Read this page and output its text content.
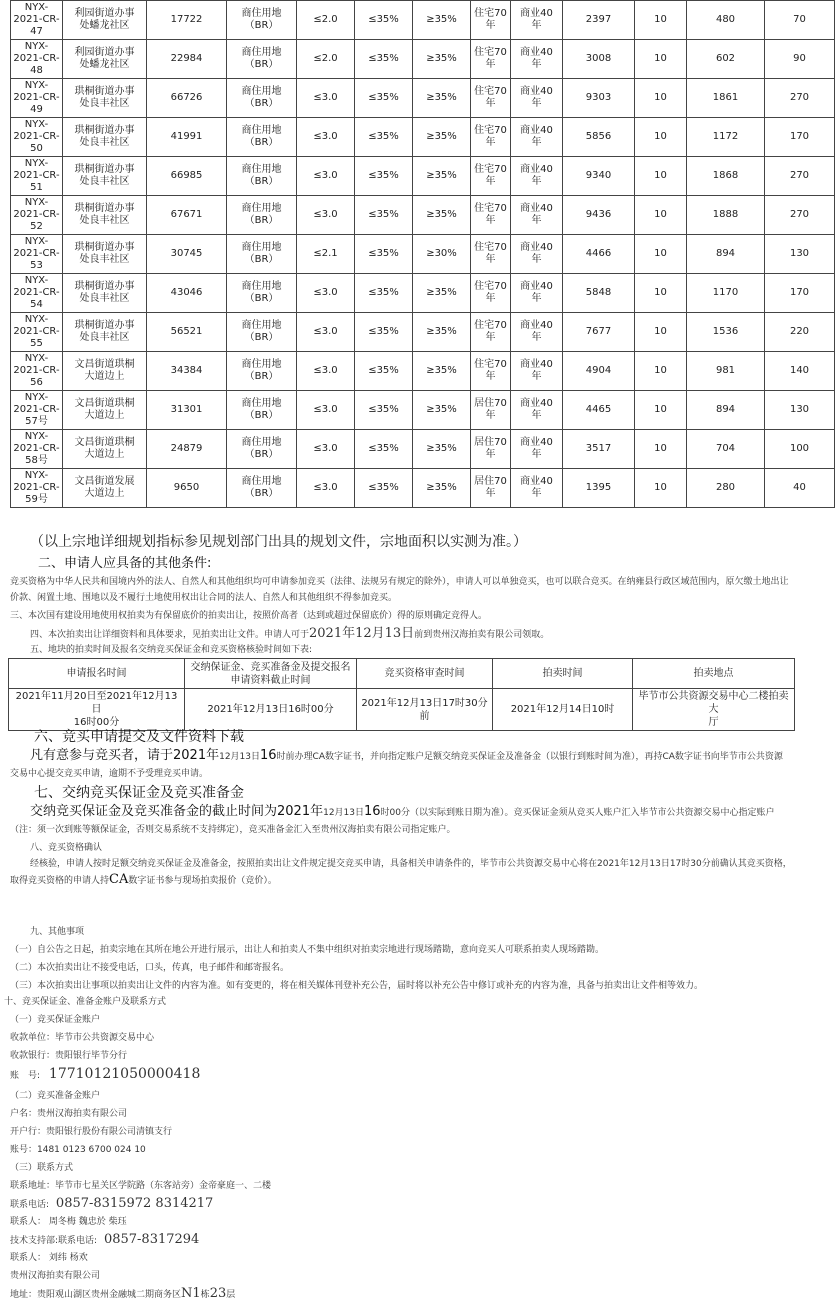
NYX-
2021-CR-
47	利园街道办事
处蟠龙社区	17722	商住用地
（BR）	≤2.0	≤35%	≥35%	住宅70
年	商业40
年	2397	10	480	70
NYX-
2021-CR-
48	利园街道办事
处蟠龙社区	22984	商住用地
（BR）	≤2.0	≤35%	≥35%	住宅70
年	商业40
年	3008	10	602	90
NYX-
2021-CR-
49	珙桐街道办事
处良丰社区	66726	商住用地
（BR）	≤3.0	≤35%	≥35%	住宅70
年	商业40
年	9303	10	1861	270
NYX-
2021-CR-
50	珙桐街道办事
处良丰社区	41991	商住用地
（BR）	≤3.0	≤35%	≥35%	住宅70
年	商业40
年	5856	10	1172	170
NYX-
2021-CR-
51	珙桐街道办事
处良丰社区	66985	商住用地
（BR）	≤3.0	≤35%	≥35%	住宅70
年	商业40
年	9340	10	1868	270
NYX-
2021-CR-
52	珙桐街道办事
处良丰社区	67671	商住用地
（BR）	≤3.0	≤35%	≥35%	住宅70
年	商业40
年	9436	10	1888	270
NYX-
2021-CR-
53	珙桐街道办事
处良丰社区	30745	商住用地
（BR）	≤2.1	≤35%	≥30%	住宅70
年	商业40
年	4466	10	894	130
NYX-
2021-CR-
54	珙桐街道办事
处良丰社区	43046	商住用地
（BR）	≤3.0	≤35%	≥35%	住宅70
年	商业40
年	5848	10	1170	170
NYX-
2021-CR-
55	珙桐街道办事
处良丰社区	56521	商住用地
（BR）	≤3.0	≤35%	≥35%	住宅70
年	商业40
年	7677	10	1536	220
NYX-
2021-CR-
56	文昌街道珙桐
大道边上	34384	商住用地
（BR）	≤3.0	≤35%	≥35%	住宅70
年	商业40
年	4904	10	981	140
NYX-
2021-CR-
57号	文昌街道珙桐
大道边上	31301	商住用地
（BR）	≤3.0	≤35%	≥35%	居住70
年	商业40
年	4465	10	894	130
NYX-
2021-CR-
58号	文昌街道珙桐
大道边上	24879	商住用地
（BR）	≤3.0	≤35%	≥35%	居住70
年	商业40
年	3517	10	704	100
NYX-
2021-CR-
59号	文昌街道发展
大道边上	9650	商住用地
（BR）	≤3.0	≤35%	≥35%	居住70
年	商业40
年	1395	10	280	40
（以上宗地详细规划指标参见规划部门出具的规划文件，宗地面积以实测为准。）
二、申请人应具备的其他条件:
竞买资格为中华人民共和国境内外的法人、自然人和其他组织均可申请参加竞买（法律、法规另有规定的除外），申请人可以单独竞买，也可以联合竞买。在纳雍县行政区域范围内，原欠缴土地出让
价款、闲置土地、围地以及不履行土地使用权出让合同的法人、自然人和其他组织不得参加竞买。
三、本次国有建设用地使用权拍卖为有保留底价的拍卖出让，按照价高者（达到或超过保留底价）得的原则确定竞得人。
四、本次拍卖出让详细资料和具体要求，见拍卖出让文件。申请人可于2021年12月13日前到贵州汉海拍卖有限公司领取。
五、地块的拍卖时间及报名交纳竞买保证金和竞买资格核验时间如下表:
申请报名时间	交纳保证金、竞买准备金及提交报名
申请资料截止时间	竞买资格审查时间	拍卖时间	拍卖地点
2021年11月20日至2021年12月13日
16时00分	2021年12月13日16时00分	2021年12月13日17时30分
前	2021年12月14日10时	毕节市公共资源交易中心二楼拍卖大
厅
六、竞买申请提交及文件资料下载
凡有意参与竞买者，请于2021年12月13日16时前办理CA数字证书，并向指定账户足额交纳竞买保证金及准备金（以银行到账时间为准），再持CA数字证书向毕节市公共资源
交易中心提交竞买申请，逾期不予受理竞买申请。
七、交纳竞买保证金及竞买准备金
交纳竞买保证金及竞买准备金的截止时间为2021年12月13日16时00分（以实际到账日期为准）。竞买保证金须从竞买人账户汇入毕节市公共资源交易中心指定账户
（注：须一次到账等额保证金，否则交易系统不支持绑定），竞买准备金汇入至贵州汉海拍卖有限公司指定账户。
八、竞买资格确认
经核验，申请人按时足额交纳竞买保证金及准备金，按照拍卖出让文件规定提交竞买申请，具备相关申请条件的，毕节市公共资源交易中心将在2021年12月13日17时30分前确认其竞买资格，
取得竞买资格的申请人持CA数字证书参与现场拍卖报价（竞价）。
九、其他事项
（一）自公告之日起，拍卖宗地在其所在地公开进行展示，出让人和拍卖人不集中组织对拍卖宗地进行现场踏勘，意向竞买人可联系拍卖人现场踏勘。
（二）本次拍卖出让不接受电话，口头，传真，电子邮件和邮寄报名。
（三）本次拍卖出让事项以拍卖出让文件的内容为准。如有变更的，将在相关媒体刊登补充公告，届时将以补充公告中修订或补充的内容为准，具备与拍卖出让文件相等效力。
十、竞买保证金、准备金账户及联系方式
（一）竞买保证金账户
收款单位：毕节市公共资源交易中心
收款银行：贵阳银行毕节分行
账　号: 17710121050000418
（二）竞买准备金账户
户名：贵州汉海拍卖有限公司
开户行：贵阳银行股份有限公司清镇支行
账号：1481 0123 6700 024 10
（三）联系方式
联系地址：毕节市七星关区学院路（东客站旁）金帝豪庭一、二楼
联系电话: 0857-8315972 8314217
联系人： 周冬梅 魏忠於 柴珏
技术支持部:联系电话: 0857-8317294
联系人： 刘纬 杨欢
贵州汉海拍卖有限公司
地址：贵阳观山湖区贵州金融城二期商务区N1栋23层
